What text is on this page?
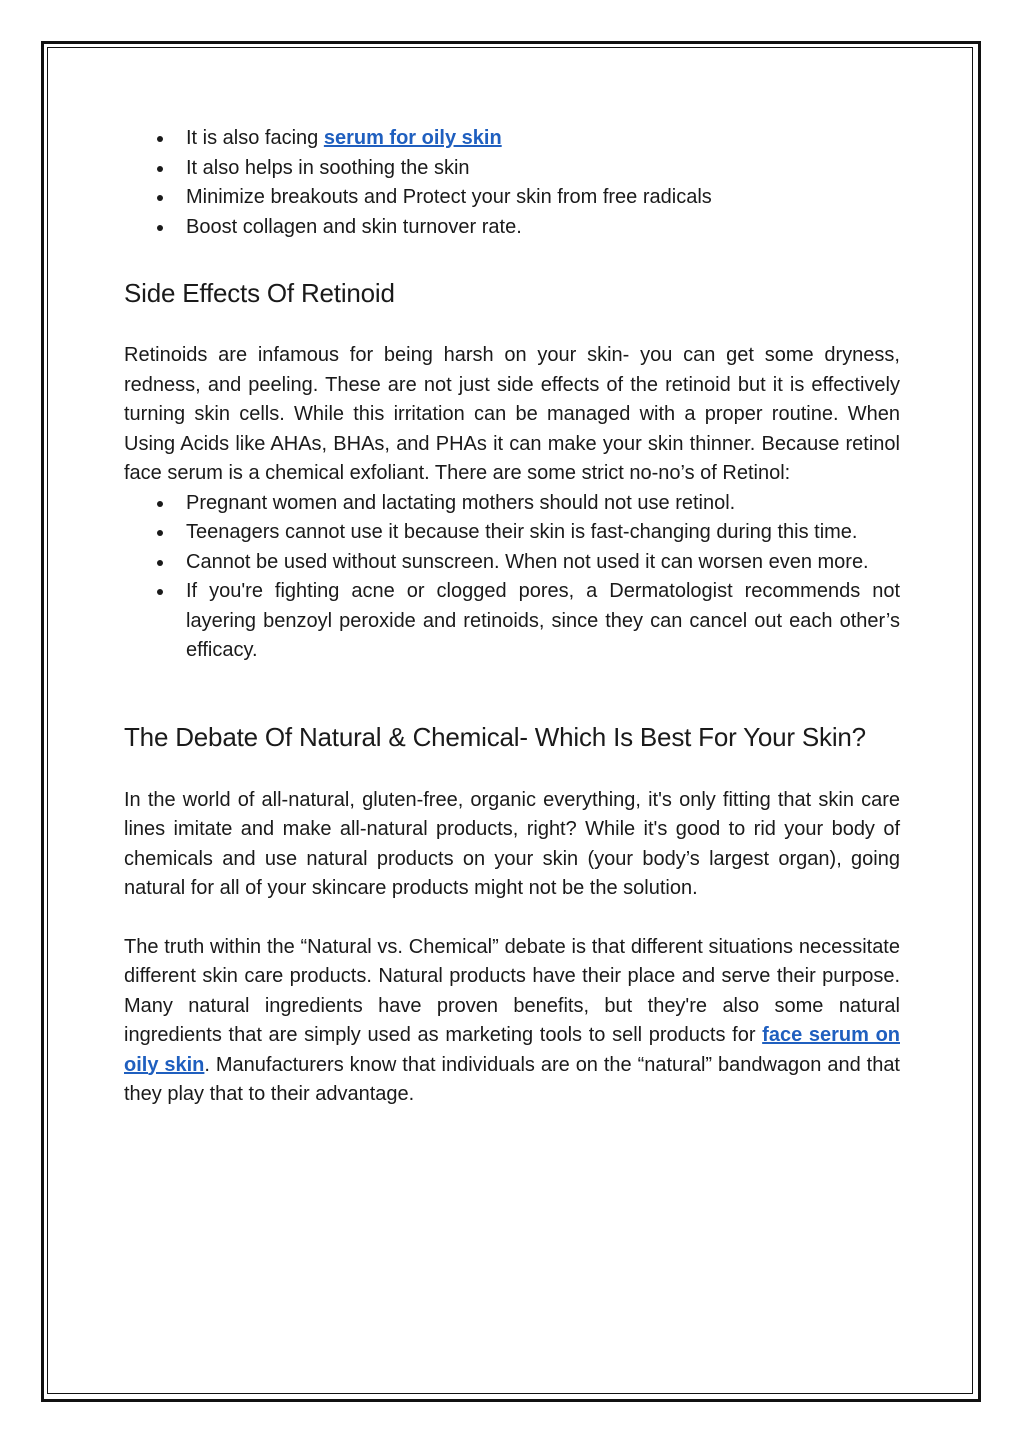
It is also facing serum for oily skin
It also helps in soothing the skin
Minimize breakouts and Protect your skin from free radicals
Boost collagen and skin turnover rate.
Side Effects Of Retinoid

Retinoids are infamous for being harsh on your skin- you can get some dryness, redness, and peeling. These are not just side effects of the retinoid but it is effectively turning skin cells. While this irritation can be managed with a proper routine. When Using Acids like AHAs, BHAs, and PHAs it can make your skin thinner. Because retinol face serum is a chemical exfoliant. There are some strict no-no’s of Retinol:

Pregnant women and lactating mothers should not use retinol.
Teenagers cannot use it because their skin is fast-changing during this time.
Cannot be used without sunscreen. When not used it can worsen even more.
If you're fighting acne or clogged pores, a Dermatologist recommends not layering benzoyl peroxide and retinoids, since they can cancel out each other’s efficacy.
The Debate Of Natural & Chemical- Which Is Best For Your Skin?

In the world of all-natural, gluten-free, organic everything, it's only fitting that skin care lines imitate and make all-natural products, right? While it's good to rid your body of chemicals and use natural products on your skin (your body’s largest organ), going natural for all of your skincare products might not be the solution.

The truth within the “Natural vs. Chemical” debate is that different situations necessitate different skin care products. Natural products have their place and serve their purpose. Many natural ingredients have proven benefits, but they're also some natural ingredients that are simply used as marketing tools to sell products for face serum on oily skin. Manufacturers know that individuals are on the “natural” bandwagon and that they play that to their advantage.
